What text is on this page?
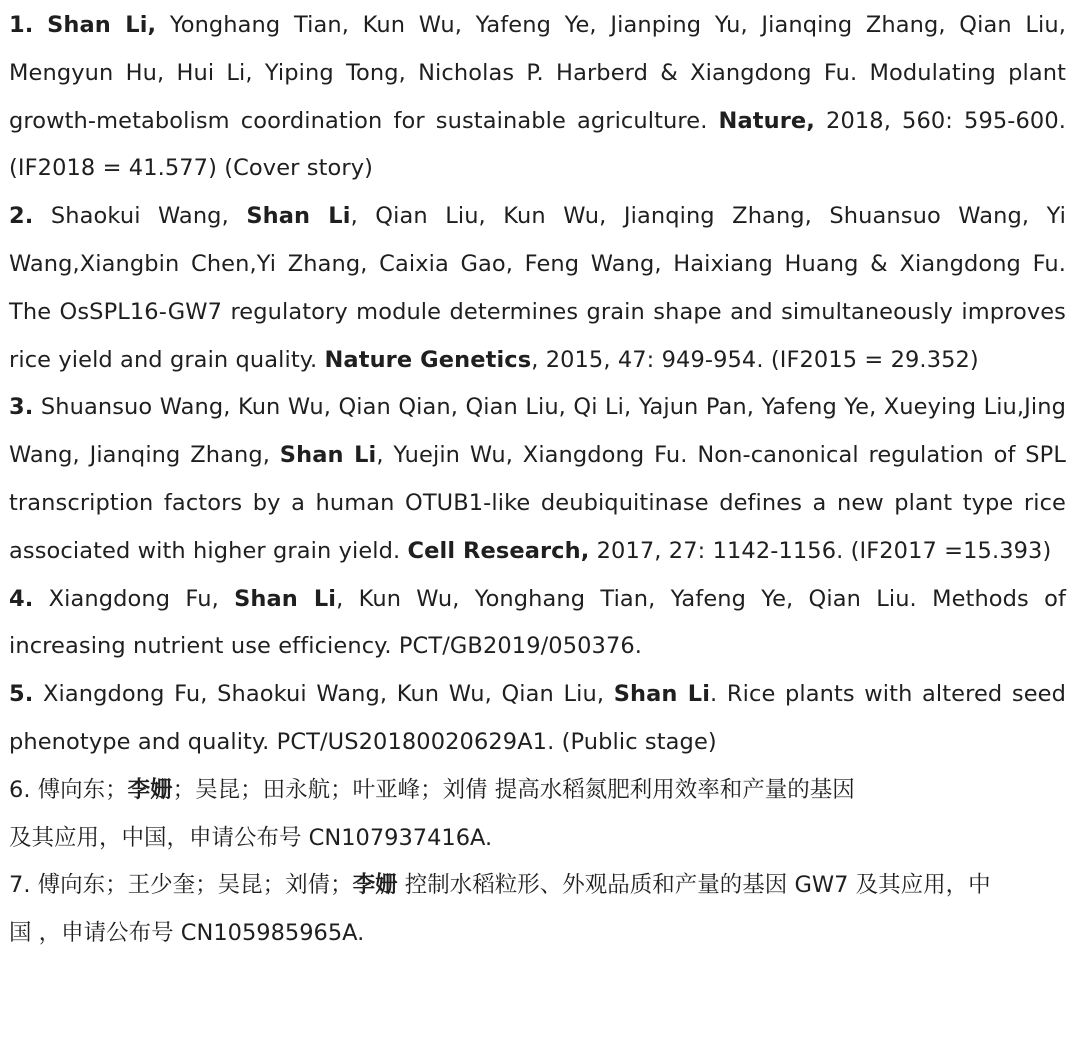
1. Shan Li, Yonghang Tian, Kun Wu, Yafeng Ye, Jianping Yu, Jianqing Zhang, Qian Liu, Mengyun Hu, Hui Li, Yiping Tong, Nicholas P. Harberd & Xiangdong Fu. Modulating plant growth-metabolism coordination for sustainable agriculture. Nature, 2018, 560: 595-600. (IF2018 = 41.577) (Cover story)

2. Shaokui Wang, Shan Li, Qian Liu, Kun Wu, Jianqing Zhang, Shuansuo Wang, Yi Wang,Xiangbin Chen,Yi Zhang, Caixia Gao, Feng Wang, Haixiang Huang & Xiangdong Fu. The OsSPL16-GW7 regulatory module determines grain shape and simultaneously improves rice yield and grain quality. Nature Genetics, 2015, 47: 949-954. (IF2015 = 29.352)

3. Shuansuo Wang, Kun Wu, Qian Qian, Qian Liu, Qi Li, Yajun Pan, Yafeng Ye, Xueying Liu,Jing Wang, Jianqing Zhang, Shan Li, Yuejin Wu, Xiangdong Fu. Non-canonical regulation of SPL transcription factors by a human OTUB1-like deubiquitinase defines a new plant type rice associated with higher grain yield. Cell Research, 2017, 27: 1142-1156. (IF2017 =15.393)

4. Xiangdong Fu, Shan Li, Kun Wu, Yonghang Tian, Yafeng Ye, Qian Liu. Methods of increasing nutrient use efficiency. PCT/GB2019/050376.

5. Xiangdong Fu, Shaokui Wang, Kun Wu, Qian Liu, Shan Li. Rice plants with altered seed phenotype and quality. PCT/US20180020629A1. (Public stage)

6. 傅向东；李姗；吴昆；田永航；叶亚峰；刘倩 提高水稻氮肥利用效率和产量的基因
及其应用，中国，申请公布号 CN107937416A.

7. 傅向东；王少奎；吴昆；刘倩；李姗 控制水稻粒形、外观品质和产量的基因 GW7 及其应用，中
国 ，申请公布号 CN105985965A.
